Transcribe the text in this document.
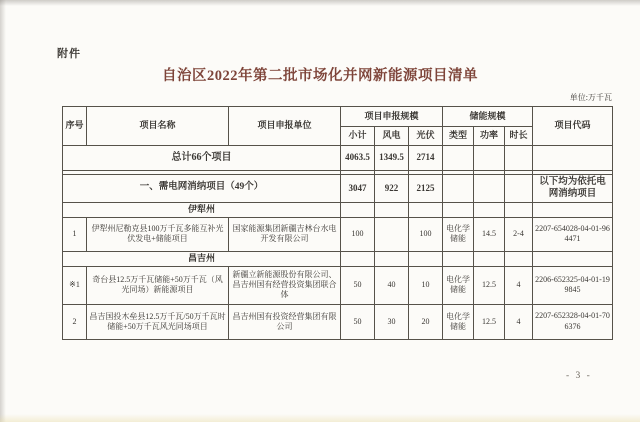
附件
自治区2022年第二批市场化并网新能源项目清单
单位:万千瓦
序号	项目名称	项目申报单位	项目申报规模			储能规模			项目代码
			小计	风电	光伏	类型	功率	时长	
总计66个项目			4063.5	1349.5	2714				

一、需电网消纳项目（49个）			3047	922	2125				以下均为依托电网消纳项目
伊犁州									
1	伊犁州尼勒克县100万千瓦多能互补光伏发电+储能项目	国家能源集团新疆吉林台水电开发有限公司	100		100	电化学储能	14.5	2-4	2207-654028-04-01-964471
昌吉州									
※1	奇台县12.5万千瓦储能+50万千瓦（风光同场）新能源项目	新疆立新能源股份有限公司、昌吉州国有经营投资集团联合体	50	40	10	电化学储能	12.5	4	2206-652325-04-01-199845
2	昌吉国投木垒县12.5万千瓦/50万千瓦时储能+50万千瓦风光同场项目	昌吉州国有投资经营集团有限公司	50	30	20	电化学储能	12.5	4	2207-652328-04-01-706376
- 3 -
